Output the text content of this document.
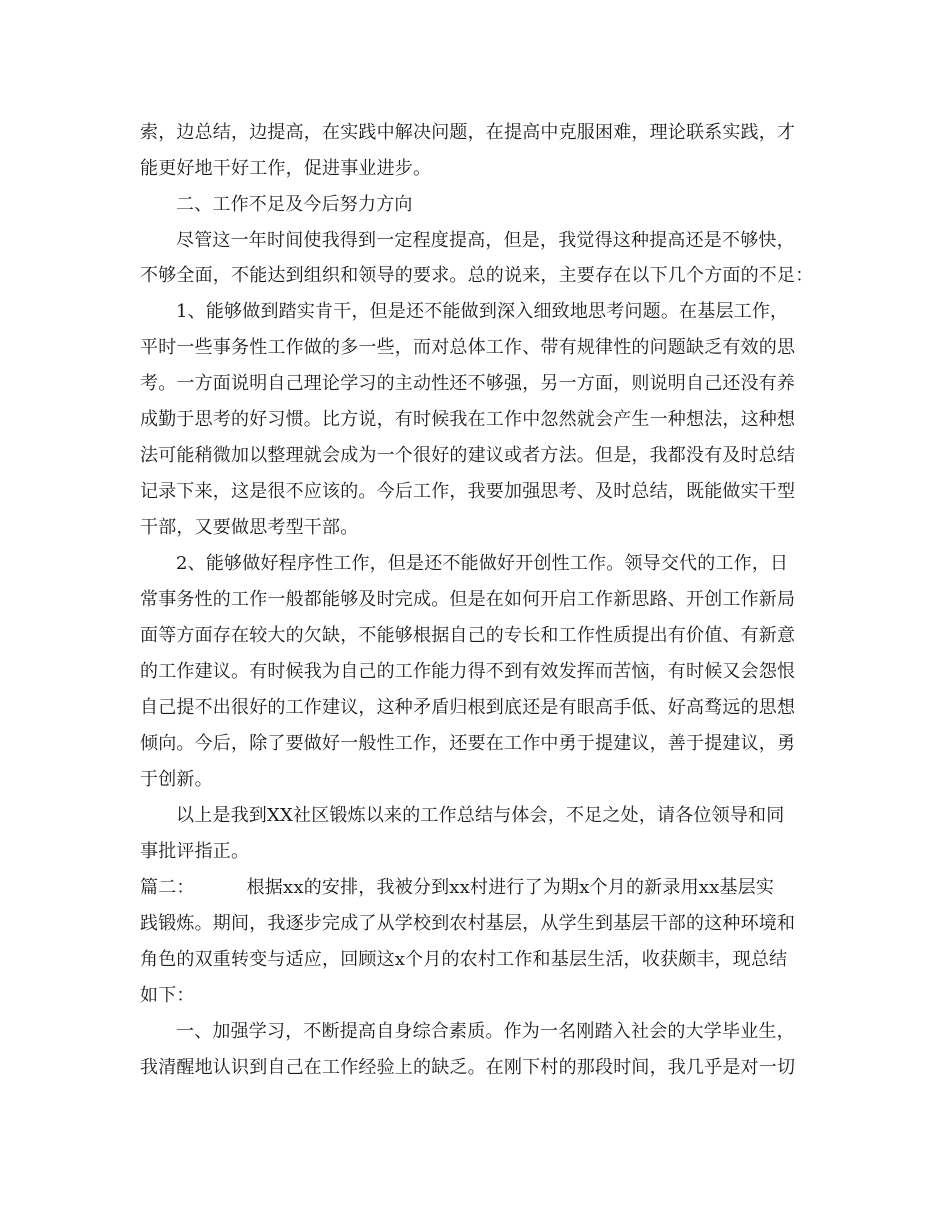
索，边总结，边提高，在实践中解决问题，在提高中克服困难，理论联系实践，才
能更好地干好工作，促进事业进步。
二、工作不足及今后努力方向
尽管这一年时间使我得到一定程度提高，但是，我觉得这种提高还是不够快，
不够全面，不能达到组织和领导的要求。总的说来，主要存在以下几个方面的不足：
1、能够做到踏实肯干，但是还不能做到深入细致地思考问题。在基层工作，
平时一些事务性工作做的多一些，而对总体工作、带有规律性的问题缺乏有效的思
考。一方面说明自己理论学习的主动性还不够强，另一方面，则说明自己还没有养
成勤于思考的好习惯。比方说，有时候我在工作中忽然就会产生一种想法，这种想
法可能稍微加以整理就会成为一个很好的建议或者方法。但是，我都没有及时总结
记录下来，这是很不应该的。今后工作，我要加强思考、及时总结，既能做实干型
干部，又要做思考型干部。
2、能够做好程序性工作，但是还不能做好开创性工作。领导交代的工作，日
常事务性的工作一般都能够及时完成。但是在如何开启工作新思路、开创工作新局
面等方面存在较大的欠缺，不能够根据自己的专长和工作性质提出有价值、有新意
的工作建议。有时候我为自己的工作能力得不到有效发挥而苦恼，有时候又会怨恨
自己提不出很好的工作建议，这种矛盾归根到底还是有眼高手低、好高骛远的思想
倾向。今后，除了要做好一般性工作，还要在工作中勇于提建议，善于提建议，勇
于创新。
以上是我到XX社区锻炼以来的工作总结与体会，不足之处，请各位领导和同
事批评指正。
篇二：	根据xx的安排，我被分到xx村进行了为期x个月的新录用xx基层实
践锻炼。期间，我逐步完成了从学校到农村基层，从学生到基层干部的这种环境和
角色的双重转变与适应，回顾这x个月的农村工作和基层生活，收获颇丰，现总结
如下：
一、加强学习，不断提高自身综合素质。作为一名刚踏入社会的大学毕业生，
我清醒地认识到自己在工作经验上的缺乏。在刚下村的那段时间，我几乎是对一切
